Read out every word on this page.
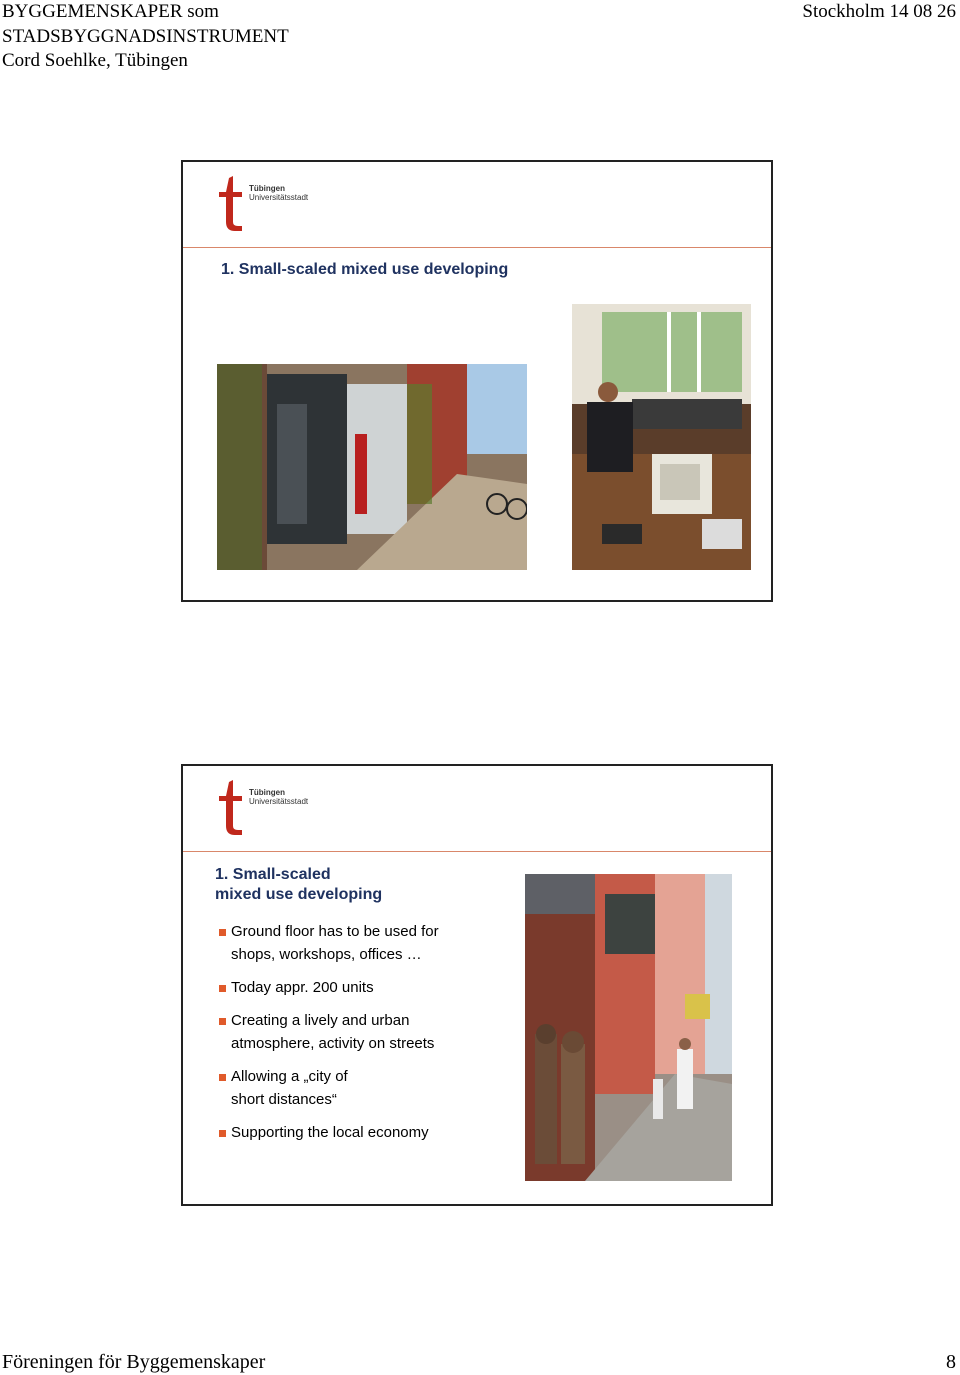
BYGGEMENSKAPER som
STADSBYGGNADSINSTRUMENT
Cord Soehlke, Tübingen
Stockholm 14 08 26
Tübingen
Universitätsstadt
1. Small-scaled mixed use developing
Tübingen
Universitätsstadt
1. Small-scaled
mixed use developing
Ground floor has to be used for
shops, workshops, offices …
Today appr. 200 units
Creating a lively and urban
atmosphere, activity on streets
Allowing a „city of
short distances“
Supporting the local economy
Föreningen för Byggemenskaper	8
